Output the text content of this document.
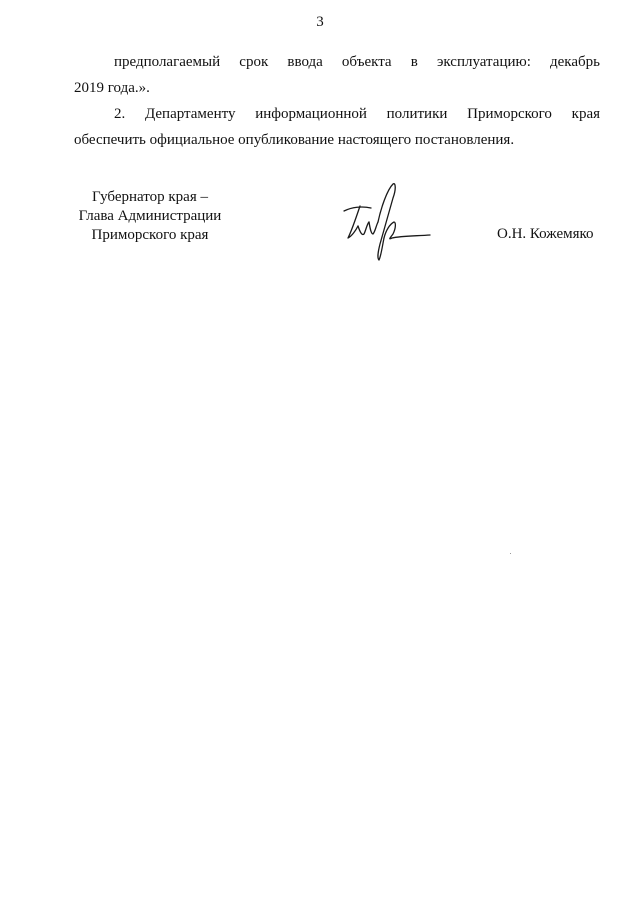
3
предполагаемый срок ввода объекта в эксплуатацию: декабрь
2019 года.».
2. Департаменту информационной политики Приморского края
обеспечить официальное опубликование настоящего постановления.
Губернатор края –
Глава Администрации
Приморского края	О.Н. Кожемяко
